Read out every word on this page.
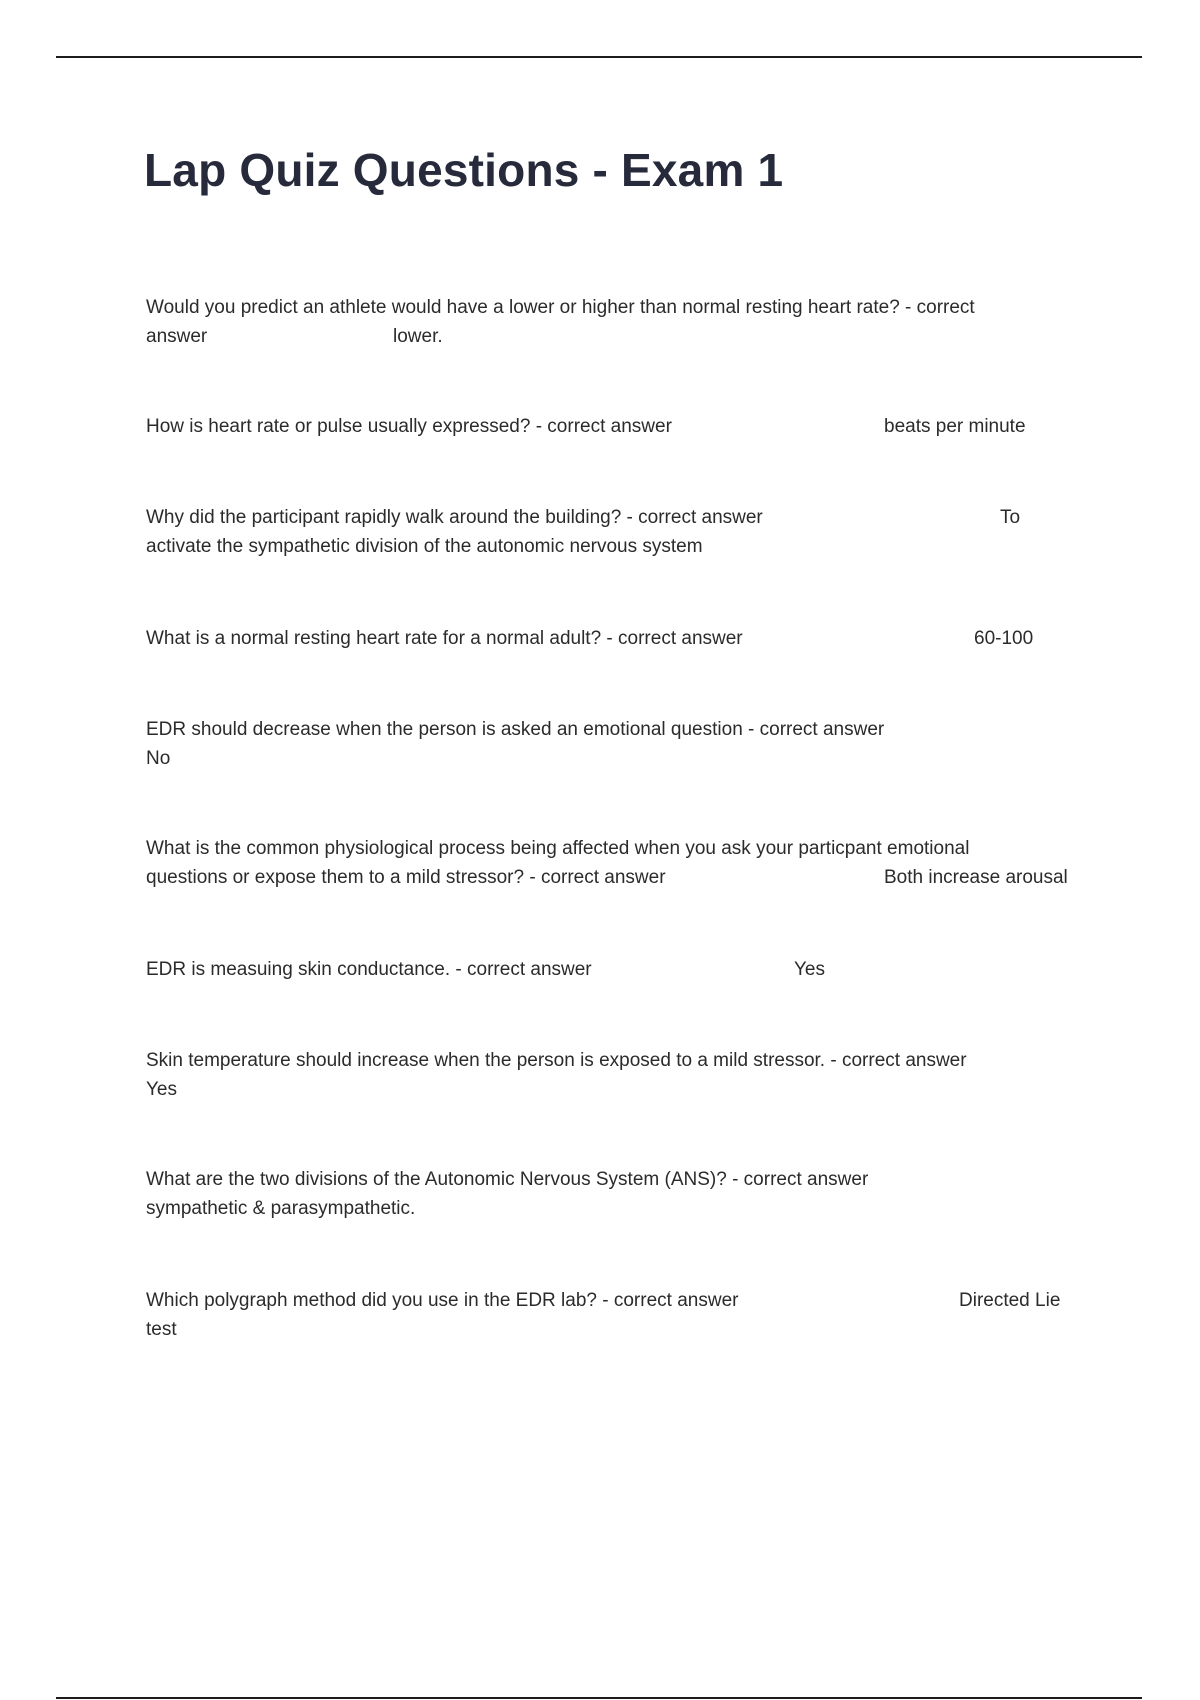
Lap Quiz Questions - Exam 1
Would you predict an athlete would have a lower or higher than normal resting heart rate? - correct
answer	lower.
How is heart rate or pulse usually expressed? - correct answer	beats per minute
Why did the participant rapidly walk around the building? - correct answer	To
activate the sympathetic division of the autonomic nervous system
What is a normal resting heart rate for a normal adult? - correct answer	60-100
EDR should decrease when the person is asked an emotional question - correct answer
No
What is the common physiological process being affected when you ask your particpant emotional
questions or expose them to a mild stressor? - correct answer	Both increase arousal
EDR is measuing skin conductance. - correct answer	Yes
Skin temperature should increase when the person is exposed to a mild stressor. - correct answer
Yes
What are the two divisions of the Autonomic Nervous System (ANS)? - correct answer
sympathetic & parasympathetic.
Which polygraph method did you use in the EDR lab? - correct answer	Directed Lie
test
